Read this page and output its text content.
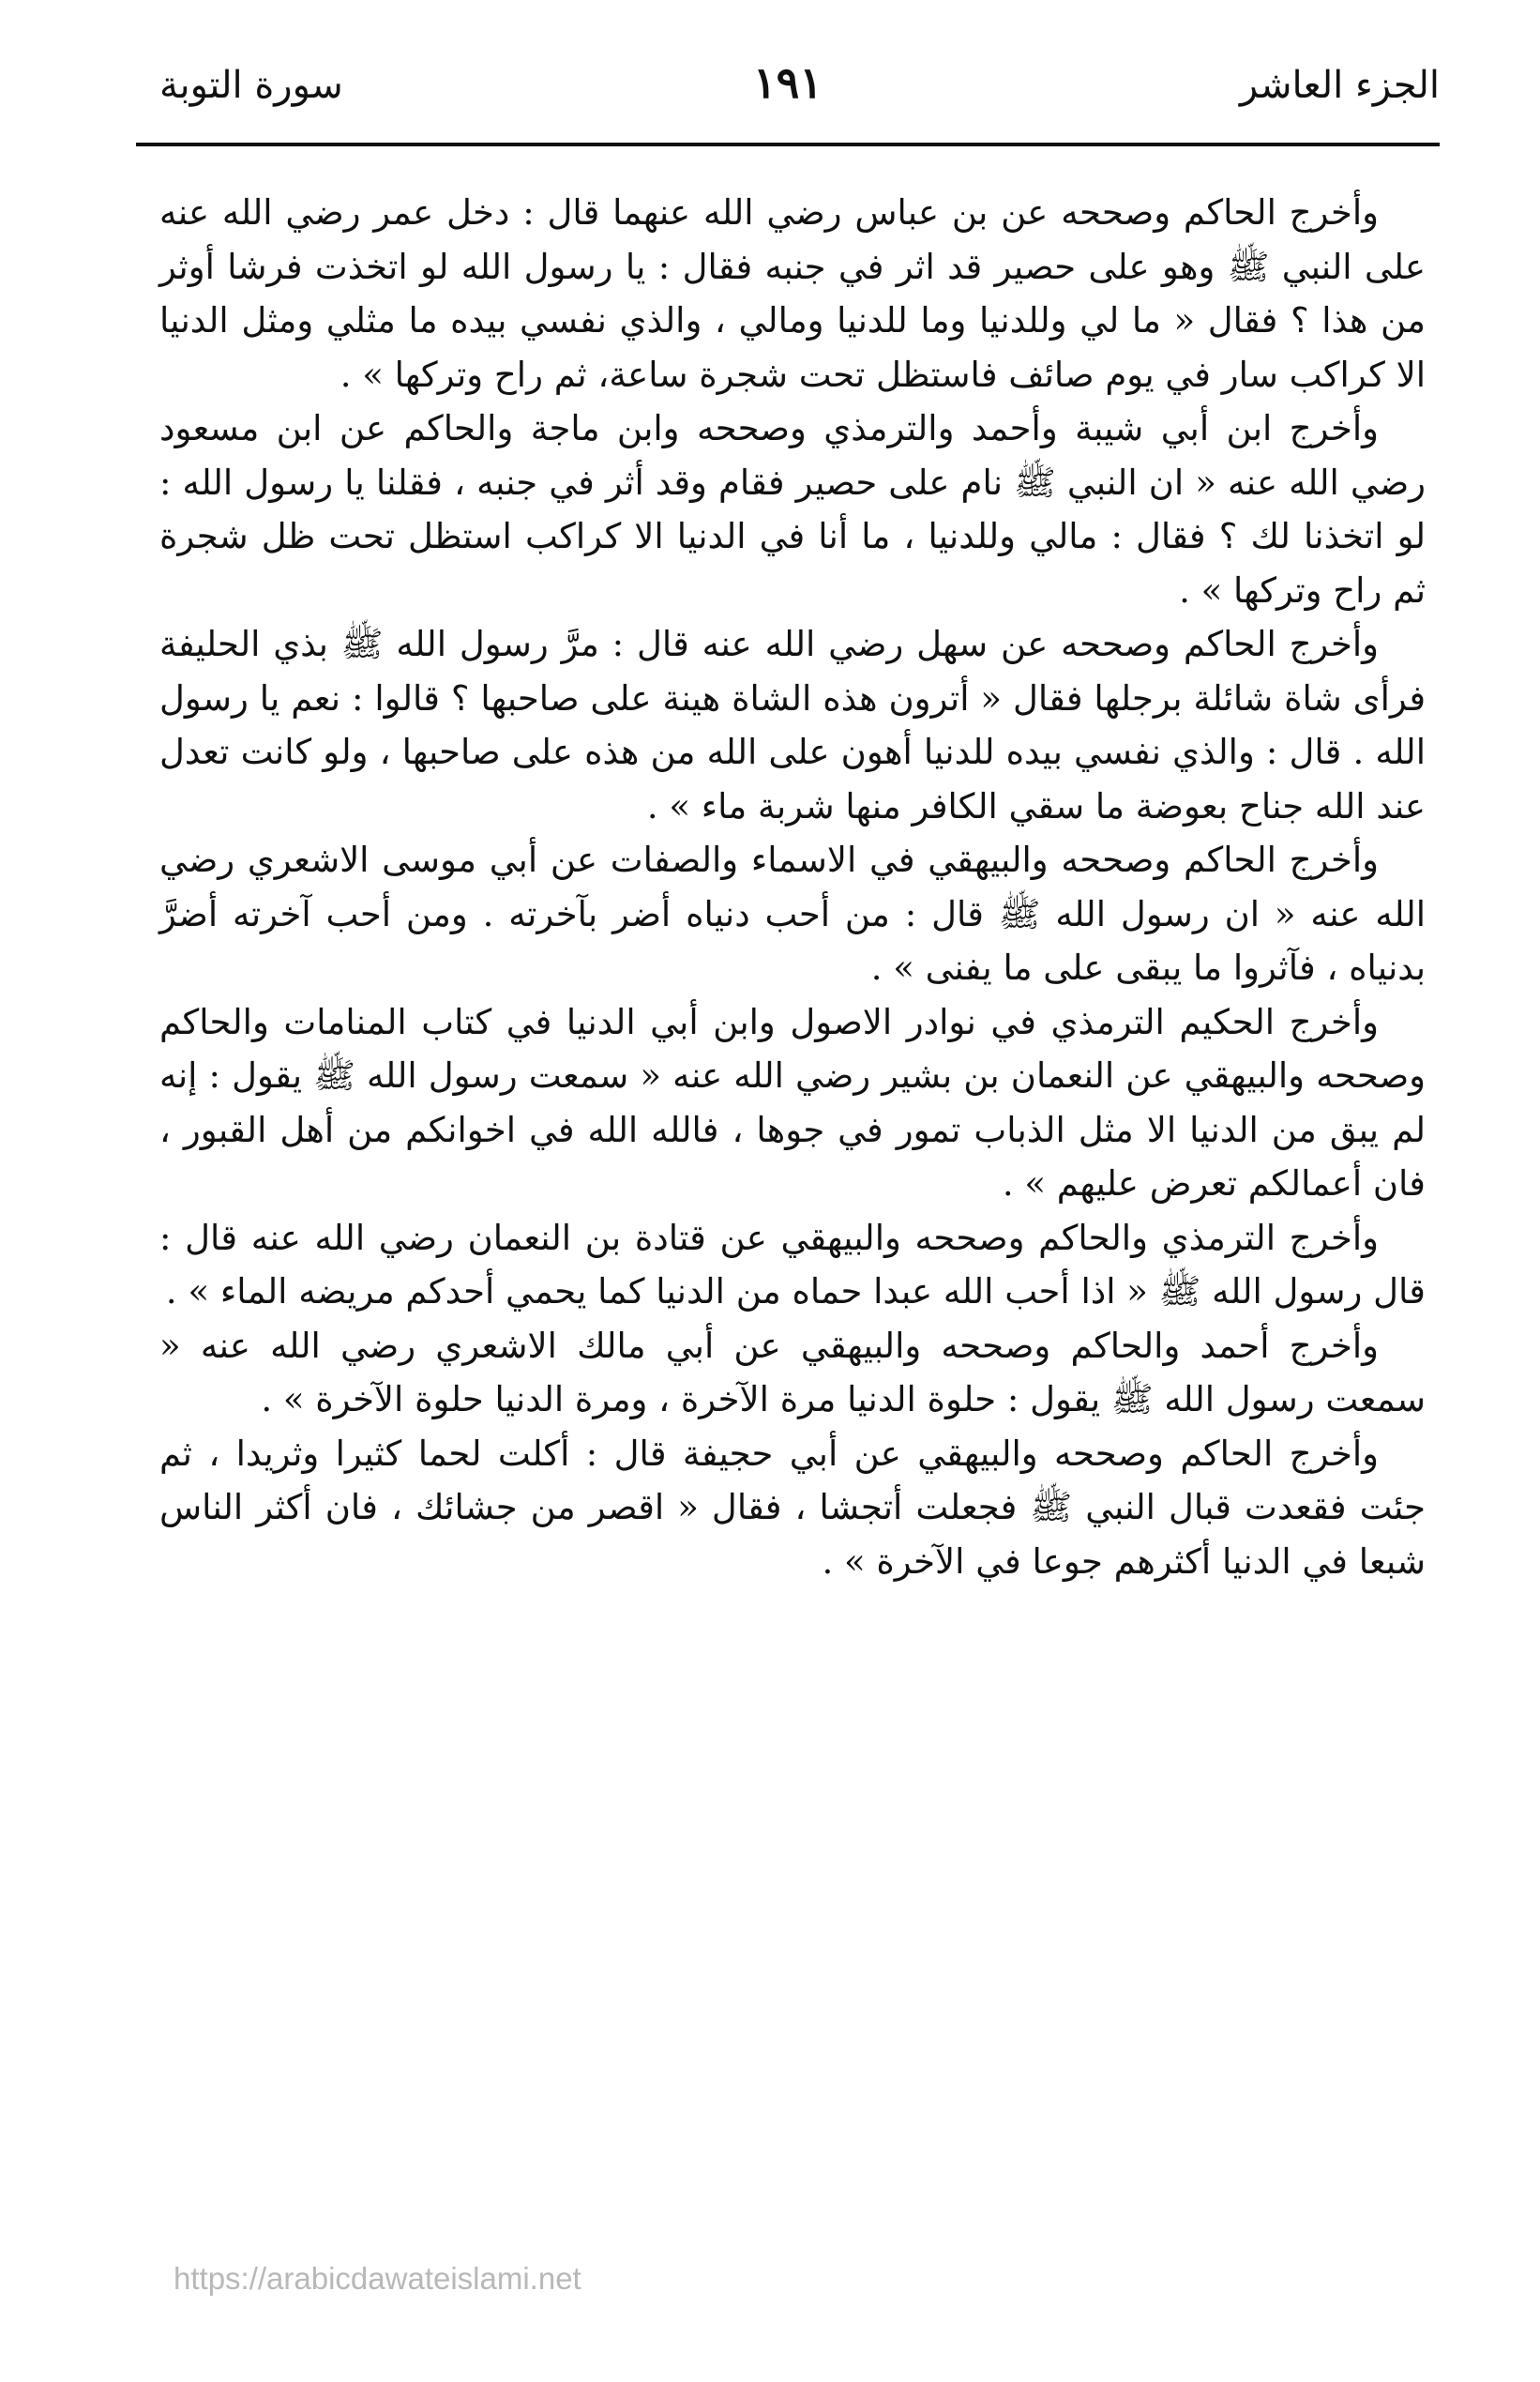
الجزء العاشر
١٩١
سورة التوبة

وأخرج الحاكم وصححه عن بن عباس رضي الله عنهما قال : دخل عمر رضي الله عنه على النبي ﷺ وهو على حصير قد اثر في جنبه فقال : يا رسول الله لو اتخذت فرشا أوثر من هذا ؟ فقال « ما لي وللدنيا وما للدنيا ومالي ، والذي نفسي بيده ما مثلي ومثل الدنيا الا كراكب سار في يوم صائف فاستظل تحت شجرة ساعة، ثم راح وتركها » .

وأخرج ابن أبي شيبة وأحمد والترمذي وصححه وابن ماجة والحاكم عن ابن مسعود رضي الله عنه « ان النبي ﷺ نام على حصير فقام وقد أثر في جنبه ، فقلنا يا رسول الله : لو اتخذنا لك ؟ فقال : مالي وللدنيا ، ما أنا في الدنيا الا كراكب استظل تحت ظل شجرة ثم راح وتركها » .

وأخرج الحاكم وصححه عن سهل رضي الله عنه قال : مرَّ رسول الله ﷺ بذي الحليفة فرأى شاة شائلة برجلها فقال « أترون هذه الشاة هينة على صاحبها ؟ قالوا : نعم يا رسول الله . قال : والذي نفسي بيده للدنيا أهون على الله من هذه على صاحبها ، ولو كانت تعدل عند الله جناح بعوضة ما سقي الكافر منها شربة ماء » .

وأخرج الحاكم وصححه والبيهقي في الاسماء والصفات عن أبي موسى الاشعري رضي الله عنه « ان رسول الله ﷺ قال : من أحب دنياه أضر بآخرته . ومن أحب آخرته أضرَّ بدنياه ، فآثروا ما يبقى على ما يفنى » .

وأخرج الحكيم الترمذي في نوادر الاصول وابن أبي الدنيا في كتاب المنامات والحاكم وصححه والبيهقي عن النعمان بن بشير رضي الله عنه « سمعت رسول الله ﷺ يقول : إنه لم يبق من الدنيا الا مثل الذباب تمور في جوها ، فالله الله في اخوانكم من أهل القبور ، فان أعمالكم تعرض عليهم » .

وأخرج الترمذي والحاكم وصححه والبيهقي عن قتادة بن النعمان رضي الله عنه قال : قال رسول الله ﷺ « اذا أحب الله عبدا حماه من الدنيا كما يحمي أحدكم مريضه الماء » .

وأخرج أحمد والحاكم وصححه والبيهقي عن أبي مالك الاشعري رضي الله عنه « سمعت رسول الله ﷺ يقول : حلوة الدنيا مرة الآخرة ، ومرة الدنيا حلوة الآخرة » .

وأخرج الحاكم وصححه والبيهقي عن أبي حجيفة قال : أكلت لحما كثيرا وثريدا ، ثم جئت فقعدت قبال النبي ﷺ فجعلت أتجشا ، فقال « اقصر من جشائك ، فان أكثر الناس شبعا في الدنيا أكثرهم جوعا في الآخرة » .

https://arabicdawateislami.net
